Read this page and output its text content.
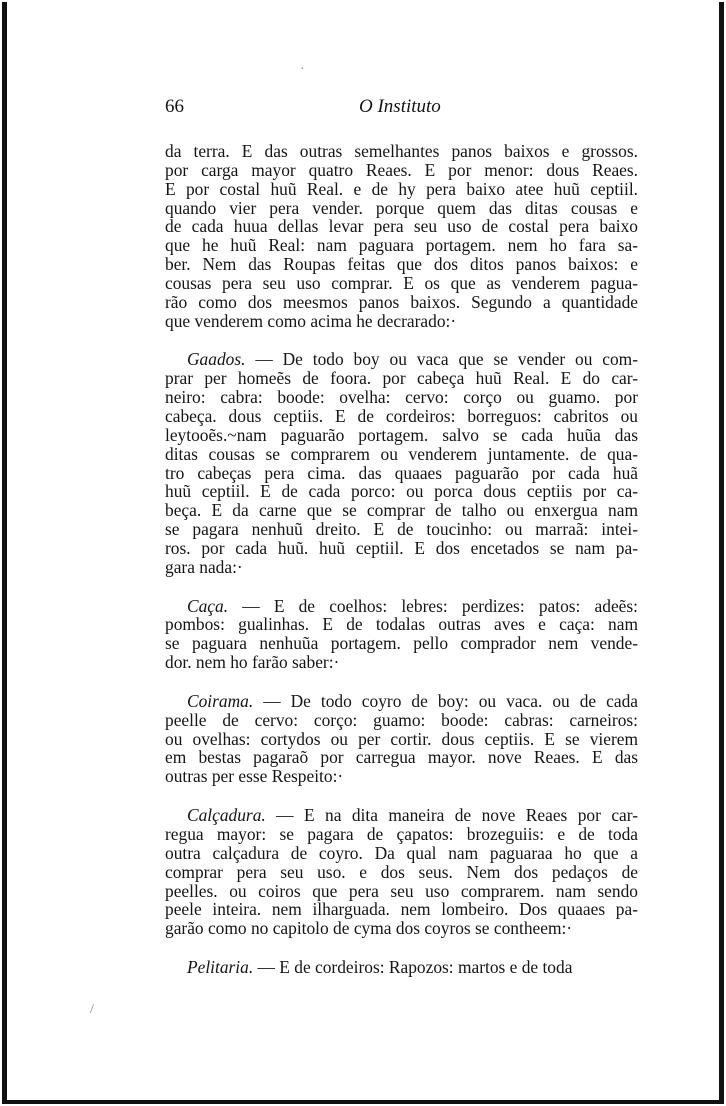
·
/
66	O Instituto
da terra. E das outras semelhantes panos baixos e grossos.
por carga mayor quatro Reaes. E por menor: dous Reaes.
E por costal huũ Real. e de hy pera baixo atee huũ ceptiil.
quando vier pera vender. porque quem das ditas cousas e
de cada huua dellas levar pera seu uso de costal pera baixo
que he huũ Real: nam paguara portagem. nem ho fara sa-
ber. Nem das Roupas feitas que dos ditos panos baixos: e
cousas pera seu uso comprar. E os que as venderem pagua-
rão como dos meesmos panos baixos. Segundo a quantidade
que venderem como acima he decrarado:·
Gaados. — De todo boy ou vaca que se vender ou com-
prar per homeẽs de foora. por cabeça huũ Real. E do car-
neiro: cabra: boode: ovelha: cervo: corço ou guamo. por
cabeça. dous ceptiis. E de cordeiros: borreguos: cabritos ou
leytooẽs.~nam paguarão portagem. salvo se cada huũa das
ditas cousas se comprarem ou venderem juntamente. de qua-
tro cabeças pera cima. das quaaes paguarão por cada huã
huũ ceptiil. E de cada porco: ou porca dous ceptiis por ca-
beça. E da carne que se comprar de talho ou enxergua nam
se pagara nenhuũ dreito. E de toucinho: ou marraã: intei-
ros. por cada huũ. huũ ceptiil. E dos encetados se nam pa-
gara nada:·
Caça. — E de coelhos: lebres: perdizes: patos: adeẽs:
pombos: gualinhas. E de todalas outras aves e caça: nam
se paguara nenhuũa portagem. pello comprador nem vende-
dor. nem ho farão saber:·
Coirama. — De todo coyro de boy: ou vaca. ou de cada
peelle de cervo: corço: guamo: boode: cabras: carneiros:
ou ovelhas: cortydos ou per cortir. dous ceptiis. E se vierem
em bestas pagaraõ por carregua mayor. nove Reaes. E das
outras per esse Respeito:·
Calçadura. — E na dita maneira de nove Reaes por car-
regua mayor: se pagara de çapatos: brozeguiis: e de toda
outra calçadura de coyro. Da qual nam paguaraa ho que a
comprar pera seu uso. e dos seus. Nem dos pedaços de
peelles. ou coiros que pera seu uso comprarem. nam sendo
peele inteira. nem ilharguada. nem lombeiro. Dos quaaes pa-
garão como no capitolo de cyma dos coyros se contheem:·
Pelitaria. — E de cordeiros: Rapozos: martos e de toda
